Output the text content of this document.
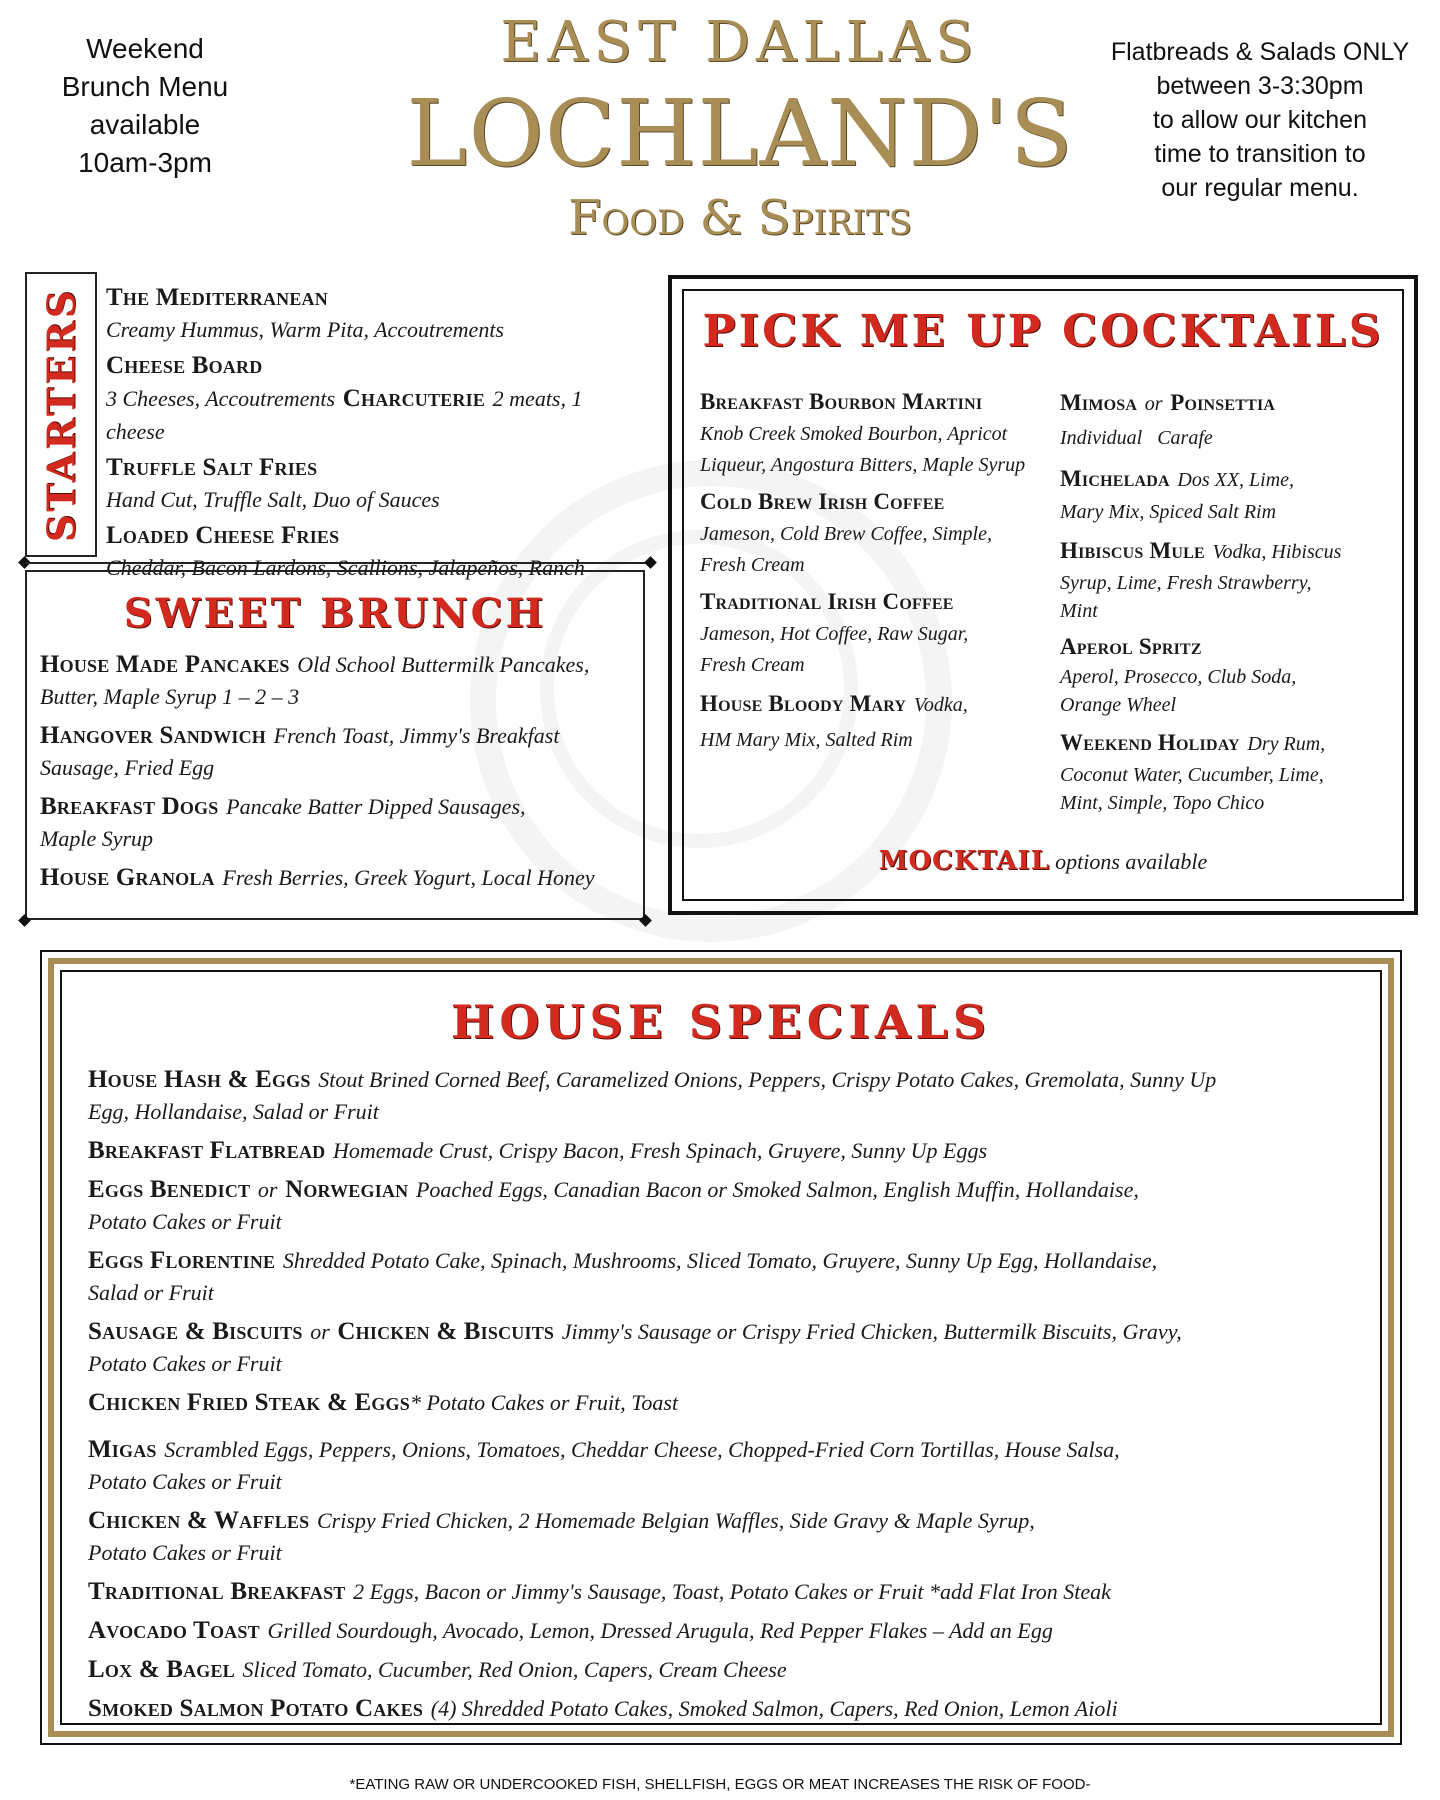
Weekend
Brunch Menu
available
10am-3pm
EAST DALLAS
LOCHLAND'S
Food & Spirits
Flatbreads & Salads ONLY
between 3-3:30pm
to allow our kitchen
time to transition to
our regular menu.
STARTERS The Mediterranean
Creamy Hummus, Warm Pita, Accoutrements
Cheese Board
3 Cheeses, Accoutrements Charcuterie 2 meats, 1 cheese
Truffle Salt Fries
Hand Cut, Truffle Salt, Duo of Sauces
Loaded Cheese Fries
Cheddar, Bacon Lardons, Scallions, Jalapeños, Ranch
SWEET BRUNCH
House Made Pancakes Old School Buttermilk Pancakes,
Butter, Maple Syrup 1 – 2 – 3
Hangover Sandwich French Toast, Jimmy's Breakfast
Sausage, Fried Egg
Breakfast Dogs Pancake Batter Dipped Sausages,
Maple Syrup
House Granola Fresh Berries, Greek Yogurt, Local Honey
PICK ME UP COCKTAILS
Breakfast Bourbon Martini
Knob Creek Smoked Bourbon, Apricot
Liqueur, Angostura Bitters, Maple Syrup
Cold Brew Irish Coffee
Jameson, Cold Brew Coffee, Simple,
Fresh Cream
Traditional Irish Coffee
Jameson, Hot Coffee, Raw Sugar,
Fresh Cream
House Bloody Mary Vodka,
HM Mary Mix, Salted Rim
Mimosa or Poinsettia
Individual   Carafe
Michelada Dos XX, Lime,
Mary Mix, Spiced Salt Rim
Hibiscus Mule Vodka, Hibiscus
Syrup, Lime, Fresh Strawberry,
Mint
Aperol Spritz
Aperol, Prosecco, Club Soda,
Orange Wheel
Weekend Holiday Dry Rum,
Coconut Water, Cucumber, Lime,
Mint, Simple, Topo Chico
MOCKTAIL options available
HOUSE SPECIALS
House Hash & Eggs Stout Brined Corned Beef, Caramelized Onions, Peppers, Crispy Potato Cakes, Gremolata, Sunny Up
Egg, Hollandaise, Salad or Fruit
Breakfast Flatbread Homemade Crust, Crispy Bacon, Fresh Spinach, Gruyere, Sunny Up Eggs
Eggs Benedict or Norwegian Poached Eggs, Canadian Bacon or Smoked Salmon, English Muffin, Hollandaise,
Potato Cakes or Fruit
Eggs Florentine Shredded Potato Cake, Spinach, Mushrooms, Sliced Tomato, Gruyere, Sunny Up Egg, Hollandaise,
Salad or Fruit
Sausage & Biscuits or Chicken & Biscuits Jimmy's Sausage or Crispy Fried Chicken, Buttermilk Biscuits, Gravy,
Potato Cakes or Fruit
Chicken Fried Steak & Eggs* Potato Cakes or Fruit, Toast
Migas Scrambled Eggs, Peppers, Onions, Tomatoes, Cheddar Cheese, Chopped-Fried Corn Tortillas, House Salsa,
Potato Cakes or Fruit
Chicken & Waffles Crispy Fried Chicken, 2 Homemade Belgian Waffles, Side Gravy & Maple Syrup,
Potato Cakes or Fruit
Traditional Breakfast 2 Eggs, Bacon or Jimmy's Sausage, Toast, Potato Cakes or Fruit *add Flat Iron Steak
Avocado Toast Grilled Sourdough, Avocado, Lemon, Dressed Arugula, Red Pepper Flakes – Add an Egg
Lox & Bagel Sliced Tomato, Cucumber, Red Onion, Capers, Cream Cheese
Smoked Salmon Potato Cakes (4) Shredded Potato Cakes, Smoked Salmon, Capers, Red Onion, Lemon Aioli
*EATING RAW OR UNDERCOOKED FISH, SHELLFISH, EGGS OR MEAT INCREASES THE RISK OF FOOD-
